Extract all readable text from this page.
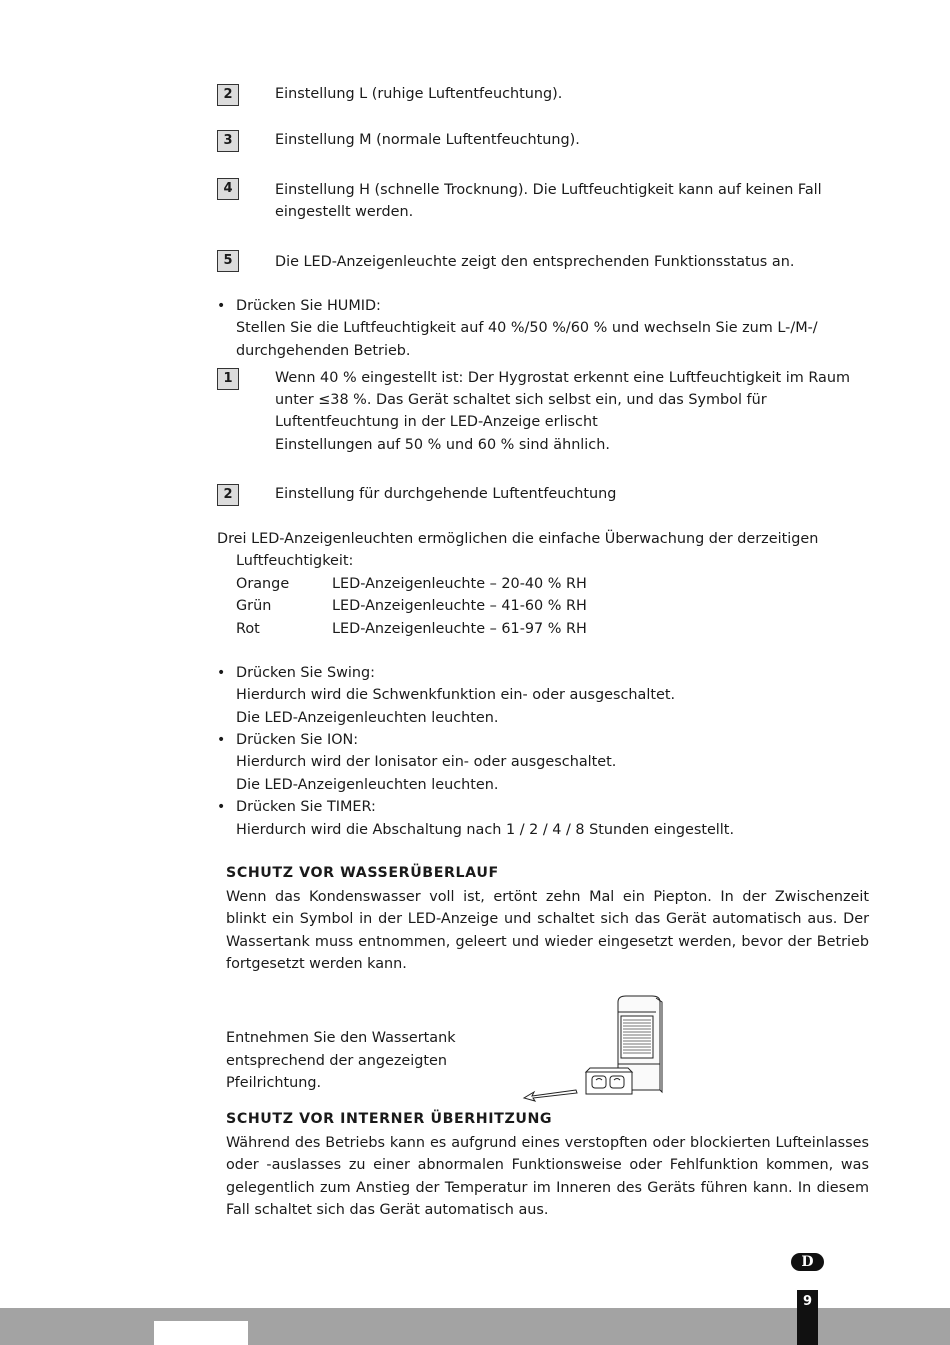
2	Einstellung L (ruhige Luftentfeuchtung).
3	Einstellung M (normale Luftentfeuchtung).
4	Einstellung H (schnelle Trocknung). Die Luftfeuchtigkeit kann auf keinen Fall
eingestellt werden.
5	Die LED-Anzeigenleuchte zeigt den entsprechenden Funktionsstatus an.
• Drücken Sie HUMID:
Stellen Sie die Luftfeuchtigkeit auf 40 %/50 %/60 % und wechseln Sie zum L-/M-/
durchgehenden Betrieb.
1	Wenn 40 % eingestellt ist: Der Hygrostat erkennt eine Luftfeuchtigkeit im Raum
unter ≤38 %. Das Gerät schaltet sich selbst ein, und das Symbol für
Luftentfeuchtung in der LED-Anzeige erlischt
Einstellungen auf 50 % und 60 % sind ähnlich.
2	Einstellung für durchgehende Luftentfeuchtung
Drei LED-Anzeigenleuchten ermöglichen die einfache Überwachung der derzeitigen
Luftfeuchtigkeit:
Orange	LED-Anzeigenleuchte – 20-40 % RH
Grün	LED-Anzeigenleuchte – 41-60 % RH
Rot	LED-Anzeigenleuchte – 61-97 % RH
• Drücken Sie Swing:
Hierdurch wird die Schwenkfunktion ein- oder ausgeschaltet.
Die LED-Anzeigenleuchten leuchten.
• Drücken Sie ION:
Hierdurch wird der Ionisator ein- oder ausgeschaltet.
Die LED-Anzeigenleuchten leuchten.
• Drücken Sie TIMER:
Hierdurch wird die Abschaltung nach 1 / 2 / 4 / 8 Stunden eingestellt.
SCHUTZ VOR WASSERÜBERLAUF
Wenn das Kondenswasser voll ist, ertönt zehn Mal ein Piepton. In der Zwischenzeit
blinkt ein Symbol in der LED-Anzeige und schaltet sich das Gerät automatisch aus. Der
Wassertank muss entnommen, geleert und wieder eingesetzt werden, bevor der Betrieb
fortgesetzt werden kann.
Entnehmen Sie den Wassertank
entsprechend der angezeigten
Pfeilrichtung.
SCHUTZ VOR INTERNER ÜBERHITZUNG
Während des Betriebs kann es aufgrund eines verstopften oder blockierten Lufteinlasses
oder -auslasses zu einer abnormalen Funktionsweise oder Fehlfunktion kommen, was
gelegentlich zum Anstieg der Temperatur im Inneren des Geräts führen kann. In diesem
Fall schaltet sich das Gerät automatisch aus.
D
9
